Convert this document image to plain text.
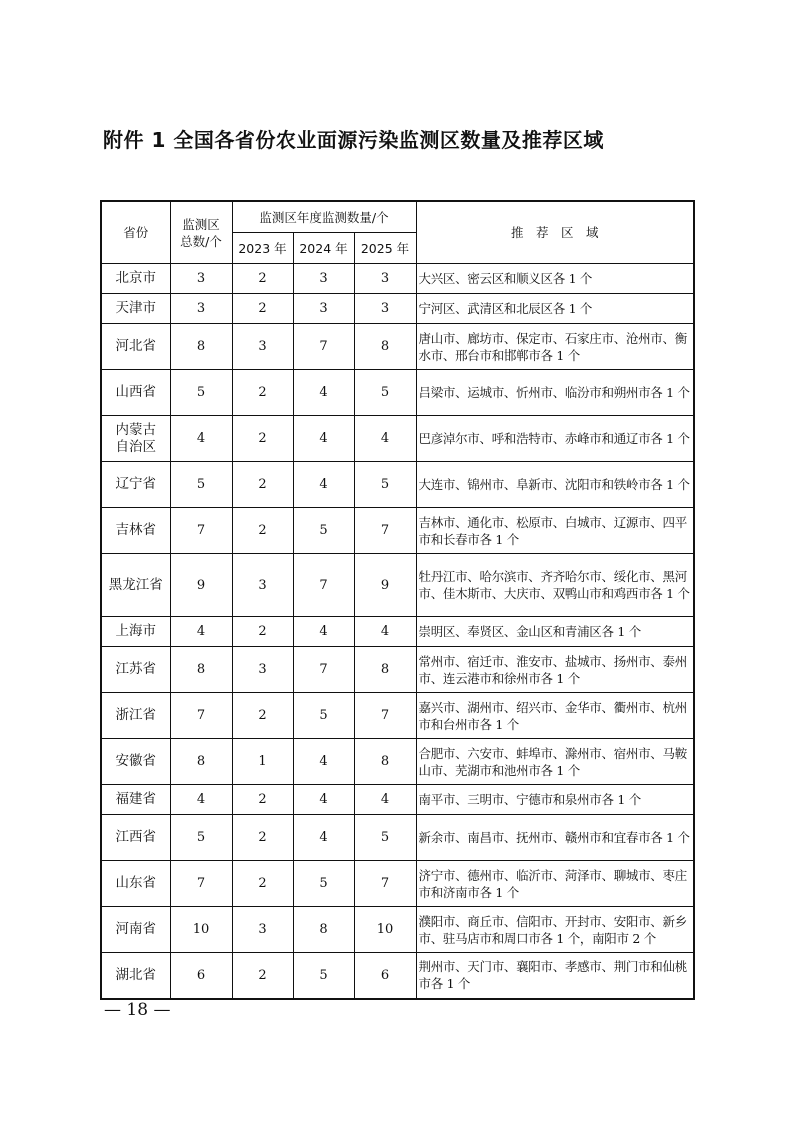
附件 1 全国各省份农业面源污染监测区数量及推荐区域
省份	监测区总数/个	监测区年度监测数量/个			推　荐　区　域
		2023 年	2024 年	2025 年	
北京市	3	2	3	3	大兴区、密云区和顺义区各 1 个
天津市	3	2	3	3	宁河区、武清区和北辰区各 1 个
河北省	8	3	7	8	唐山市、廊坊市、保定市、石家庄市、沧州市、衡水市、邢台市和邯郸市各 1 个
山西省	5	2	4	5	吕梁市、运城市、忻州市、临汾市和朔州市各 1 个
内蒙古自治区	4	2	4	4	巴彦淖尔市、呼和浩特市、赤峰市和通辽市各 1 个
辽宁省	5	2	4	5	大连市、锦州市、阜新市、沈阳市和铁岭市各 1 个
吉林省	7	2	5	7	吉林市、通化市、松原市、白城市、辽源市、四平市和长春市各 1 个
黑龙江省	9	3	7	9	牡丹江市、哈尔滨市、齐齐哈尔市、绥化市、黑河市、佳木斯市、大庆市、双鸭山市和鸡西市各 1 个
上海市	4	2	4	4	崇明区、奉贤区、金山区和青浦区各 1 个
江苏省	8	3	7	8	常州市、宿迁市、淮安市、盐城市、扬州市、泰州市、连云港市和徐州市各 1 个
浙江省	7	2	5	7	嘉兴市、湖州市、绍兴市、金华市、衢州市、杭州市和台州市各 1 个
安徽省	8	1	4	8	合肥市、六安市、蚌埠市、滁州市、宿州市、马鞍山市、芜湖市和池州市各 1 个
福建省	4	2	4	4	南平市、三明市、宁德市和泉州市各 1 个
江西省	5	2	4	5	新余市、南昌市、抚州市、赣州市和宜春市各 1 个
山东省	7	2	5	7	济宁市、德州市、临沂市、菏泽市、聊城市、枣庄市和济南市各 1 个
河南省	10	3	8	10	濮阳市、商丘市、信阳市、开封市、安阳市、新乡市、驻马店市和周口市各 1 个，南阳市 2 个
湖北省	6	2	5	6	荆州市、天门市、襄阳市、孝感市、荆门市和仙桃市各 1 个
— 18 —
